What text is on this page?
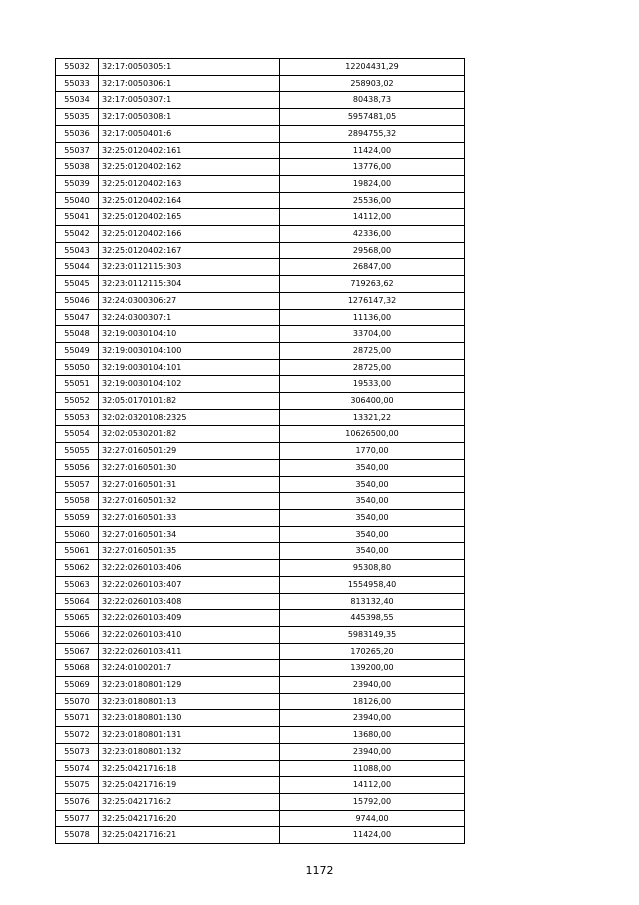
55032	32:17:0050305:1	12204431,29
55033	32:17:0050306:1	258903,02
55034	32:17:0050307:1	80438,73
55035	32:17:0050308:1	5957481,05
55036	32:17:0050401:6	2894755,32
55037	32:25:0120402:161	11424,00
55038	32:25:0120402:162	13776,00
55039	32:25:0120402:163	19824,00
55040	32:25:0120402:164	25536,00
55041	32:25:0120402:165	14112,00
55042	32:25:0120402:166	42336,00
55043	32:25:0120402:167	29568,00
55044	32:23:0112115:303	26847,00
55045	32:23:0112115:304	719263,62
55046	32:24:0300306:27	1276147,32
55047	32:24:0300307:1	11136,00
55048	32:19:0030104:10	33704,00
55049	32:19:0030104:100	28725,00
55050	32:19:0030104:101	28725,00
55051	32:19:0030104:102	19533,00
55052	32:05:0170101:82	306400,00
55053	32:02:0320108:2325	13321,22
55054	32:02:0530201:82	10626500,00
55055	32:27:0160501:29	1770,00
55056	32:27:0160501:30	3540,00
55057	32:27:0160501:31	3540,00
55058	32:27:0160501:32	3540,00
55059	32:27:0160501:33	3540,00
55060	32:27:0160501:34	3540,00
55061	32:27:0160501:35	3540,00
55062	32:22:0260103:406	95308,80
55063	32:22:0260103:407	1554958,40
55064	32:22:0260103:408	813132,40
55065	32:22:0260103:409	445398,55
55066	32:22:0260103:410	5983149,35
55067	32:22:0260103:411	170265,20
55068	32:24:0100201:7	139200,00
55069	32:23:0180801:129	23940,00
55070	32:23:0180801:13	18126,00
55071	32:23:0180801:130	23940,00
55072	32:23:0180801:131	13680,00
55073	32:23:0180801:132	23940,00
55074	32:25:0421716:18	11088,00
55075	32:25:0421716:19	14112,00
55076	32:25:0421716:2	15792,00
55077	32:25:0421716:20	9744,00
55078	32:25:0421716:21	11424,00
1172
